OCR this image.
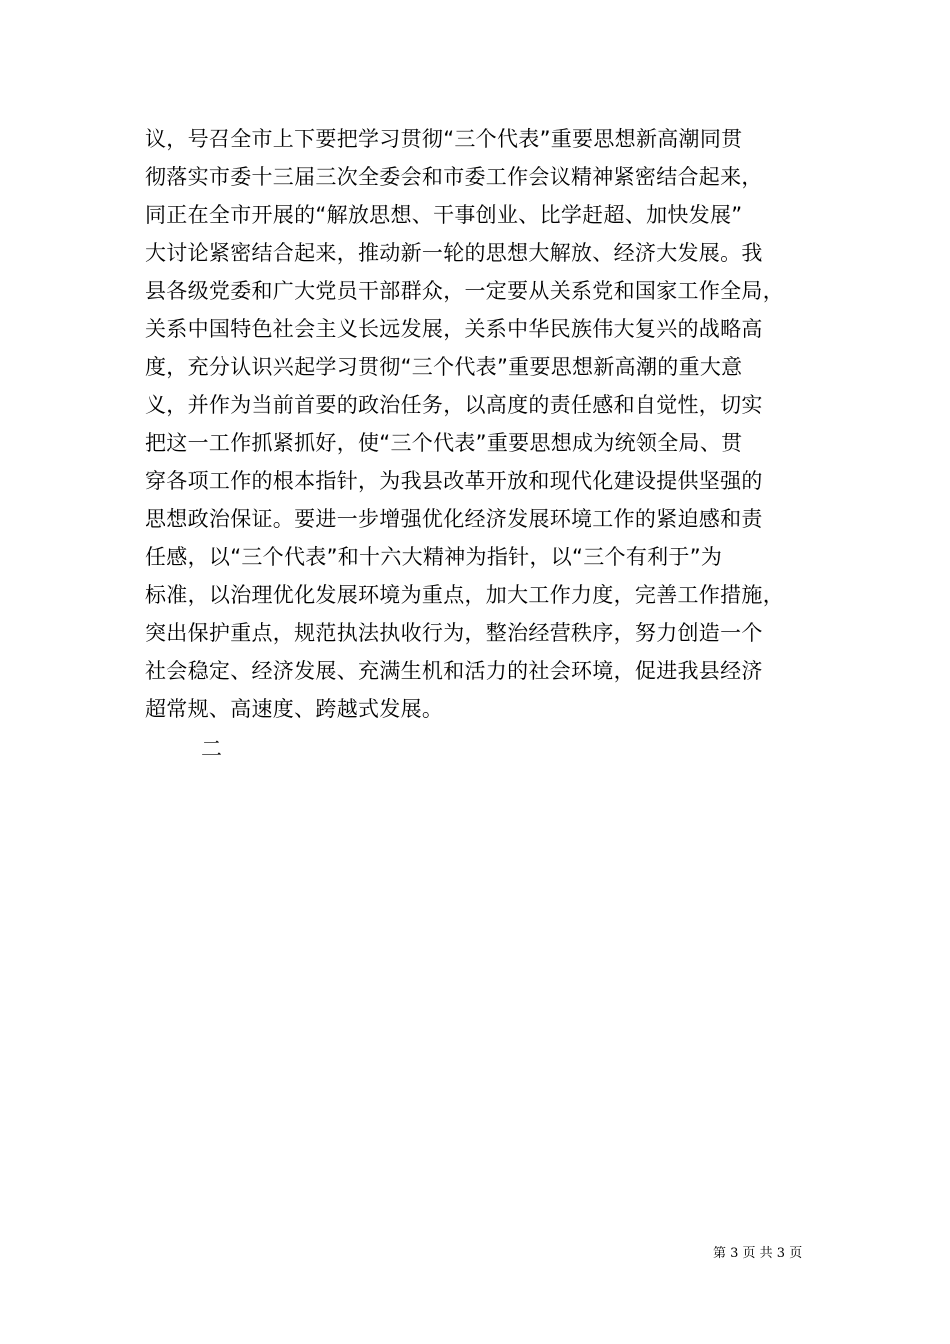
议，号召全市上下要把学习贯彻“三个代表”重要思想新高潮同贯
彻落实市委十三届三次全委会和市委工作会议精神紧密结合起来，
同正在全市开展的“解放思想、干事创业、比学赶超、加快发展”
大讨论紧密结合起来，推动新一轮的思想大解放、经济大发展。我
县各级党委和广大党员干部群众，一定要从关系党和国家工作全局，
关系中国特色社会主义长远发展，关系中华民族伟大复兴的战略高
度，充分认识兴起学习贯彻“三个代表”重要思想新高潮的重大意
义，并作为当前首要的政治任务，以高度的责任感和自觉性，切实
把这一工作抓紧抓好，使“三个代表”重要思想成为统领全局、贯
穿各项工作的根本指针，为我县改革开放和现代化建设提供坚强的
思想政治保证。要进一步增强优化经济发展环境工作的紧迫感和责
任感，以“三个代表”和十六大精神为指针，以“三个有利于”为
标准，以治理优化发展环境为重点，加大工作力度，完善工作措施，
突出保护重点，规范执法执收行为，整治经营秩序，努力创造一个
社会稳定、经济发展、充满生机和活力的社会环境，促进我县经济
超常规、高速度、跨越式发展。
二
第 3 页 共 3 页
